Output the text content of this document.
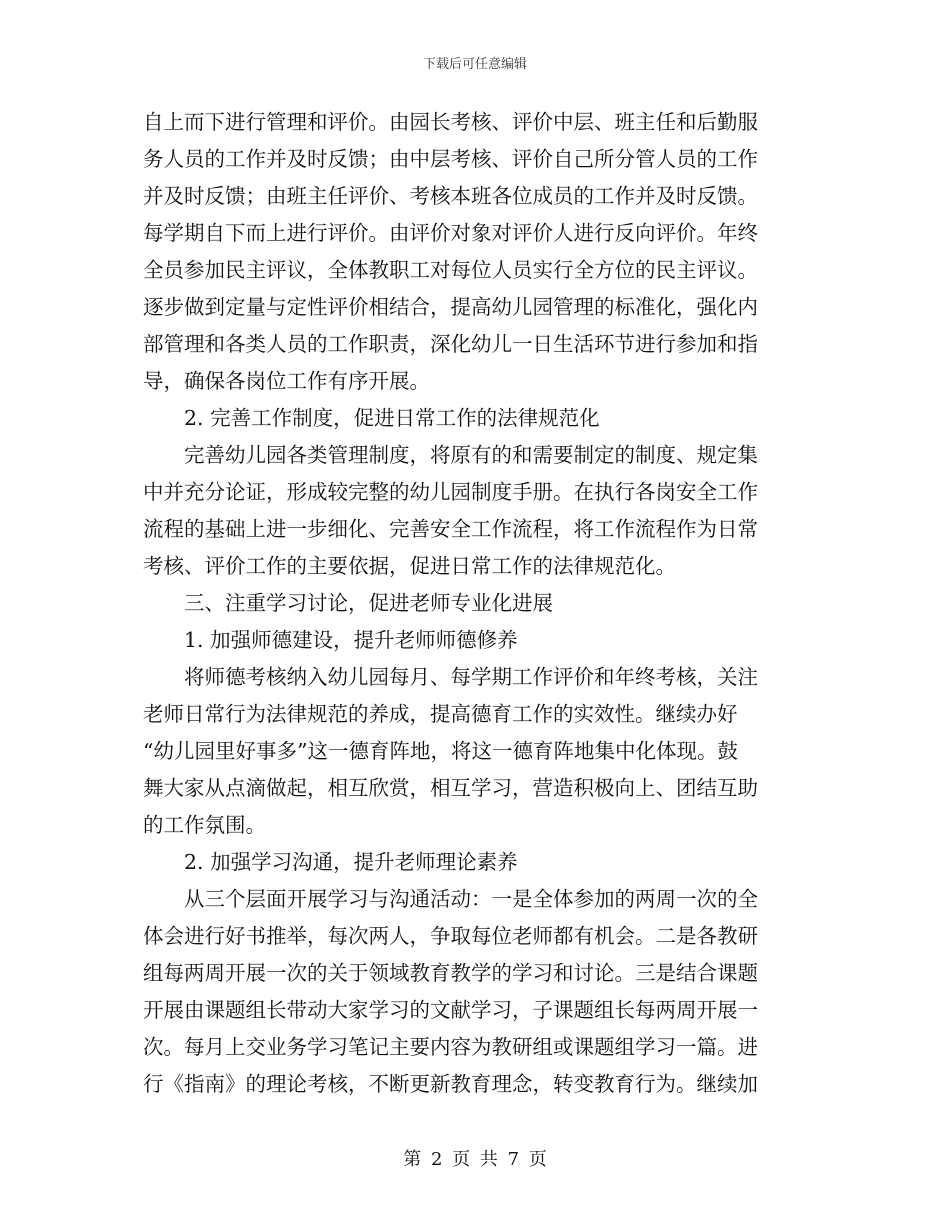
下载后可任意编辑
自上而下进行管理和评价。由园长考核、评价中层、班主任和后勤服
务人员的工作并及时反馈；由中层考核、评价自己所分管人员的工作
并及时反馈；由班主任评价、考核本班各位成员的工作并及时反馈。
每学期自下而上进行评价。由评价对象对评价人进行反向评价。年终
全员参加民主评议，全体教职工对每位人员实行全方位的民主评议。
逐步做到定量与定性评价相结合，提高幼儿园管理的标准化，强化内
部管理和各类人员的工作职责，深化幼儿一日生活环节进行参加和指
导，确保各岗位工作有序开展。
2. 完善工作制度，促进日常工作的法律规范化
完善幼儿园各类管理制度，将原有的和需要制定的制度、规定集
中并充分论证，形成较完整的幼儿园制度手册。在执行各岗安全工作
流程的基础上进一步细化、完善安全工作流程，将工作流程作为日常
考核、评价工作的主要依据，促进日常工作的法律规范化。
三、注重学习讨论，促进老师专业化进展
1. 加强师德建设，提升老师师德修养
将师德考核纳入幼儿园每月、每学期工作评价和年终考核，关注
老师日常行为法律规范的养成，提高德育工作的实效性。继续办好
“幼儿园里好事多”这一德育阵地，将这一德育阵地集中化体现。鼓
舞大家从点滴做起，相互欣赏，相互学习，营造积极向上、团结互助
的工作氛围。
2. 加强学习沟通，提升老师理论素养
从三个层面开展学习与沟通活动：一是全体参加的两周一次的全
体会进行好书推举，每次两人，争取每位老师都有机会。二是各教研
组每两周开展一次的关于领域教育教学的学习和讨论。三是结合课题
开展由课题组长带动大家学习的文献学习，子课题组长每两周开展一
次。每月上交业务学习笔记主要内容为教研组或课题组学习一篇。进
行《指南》的理论考核，不断更新教育理念，转变教育行为。继续加
第 2 页 共 7 页
